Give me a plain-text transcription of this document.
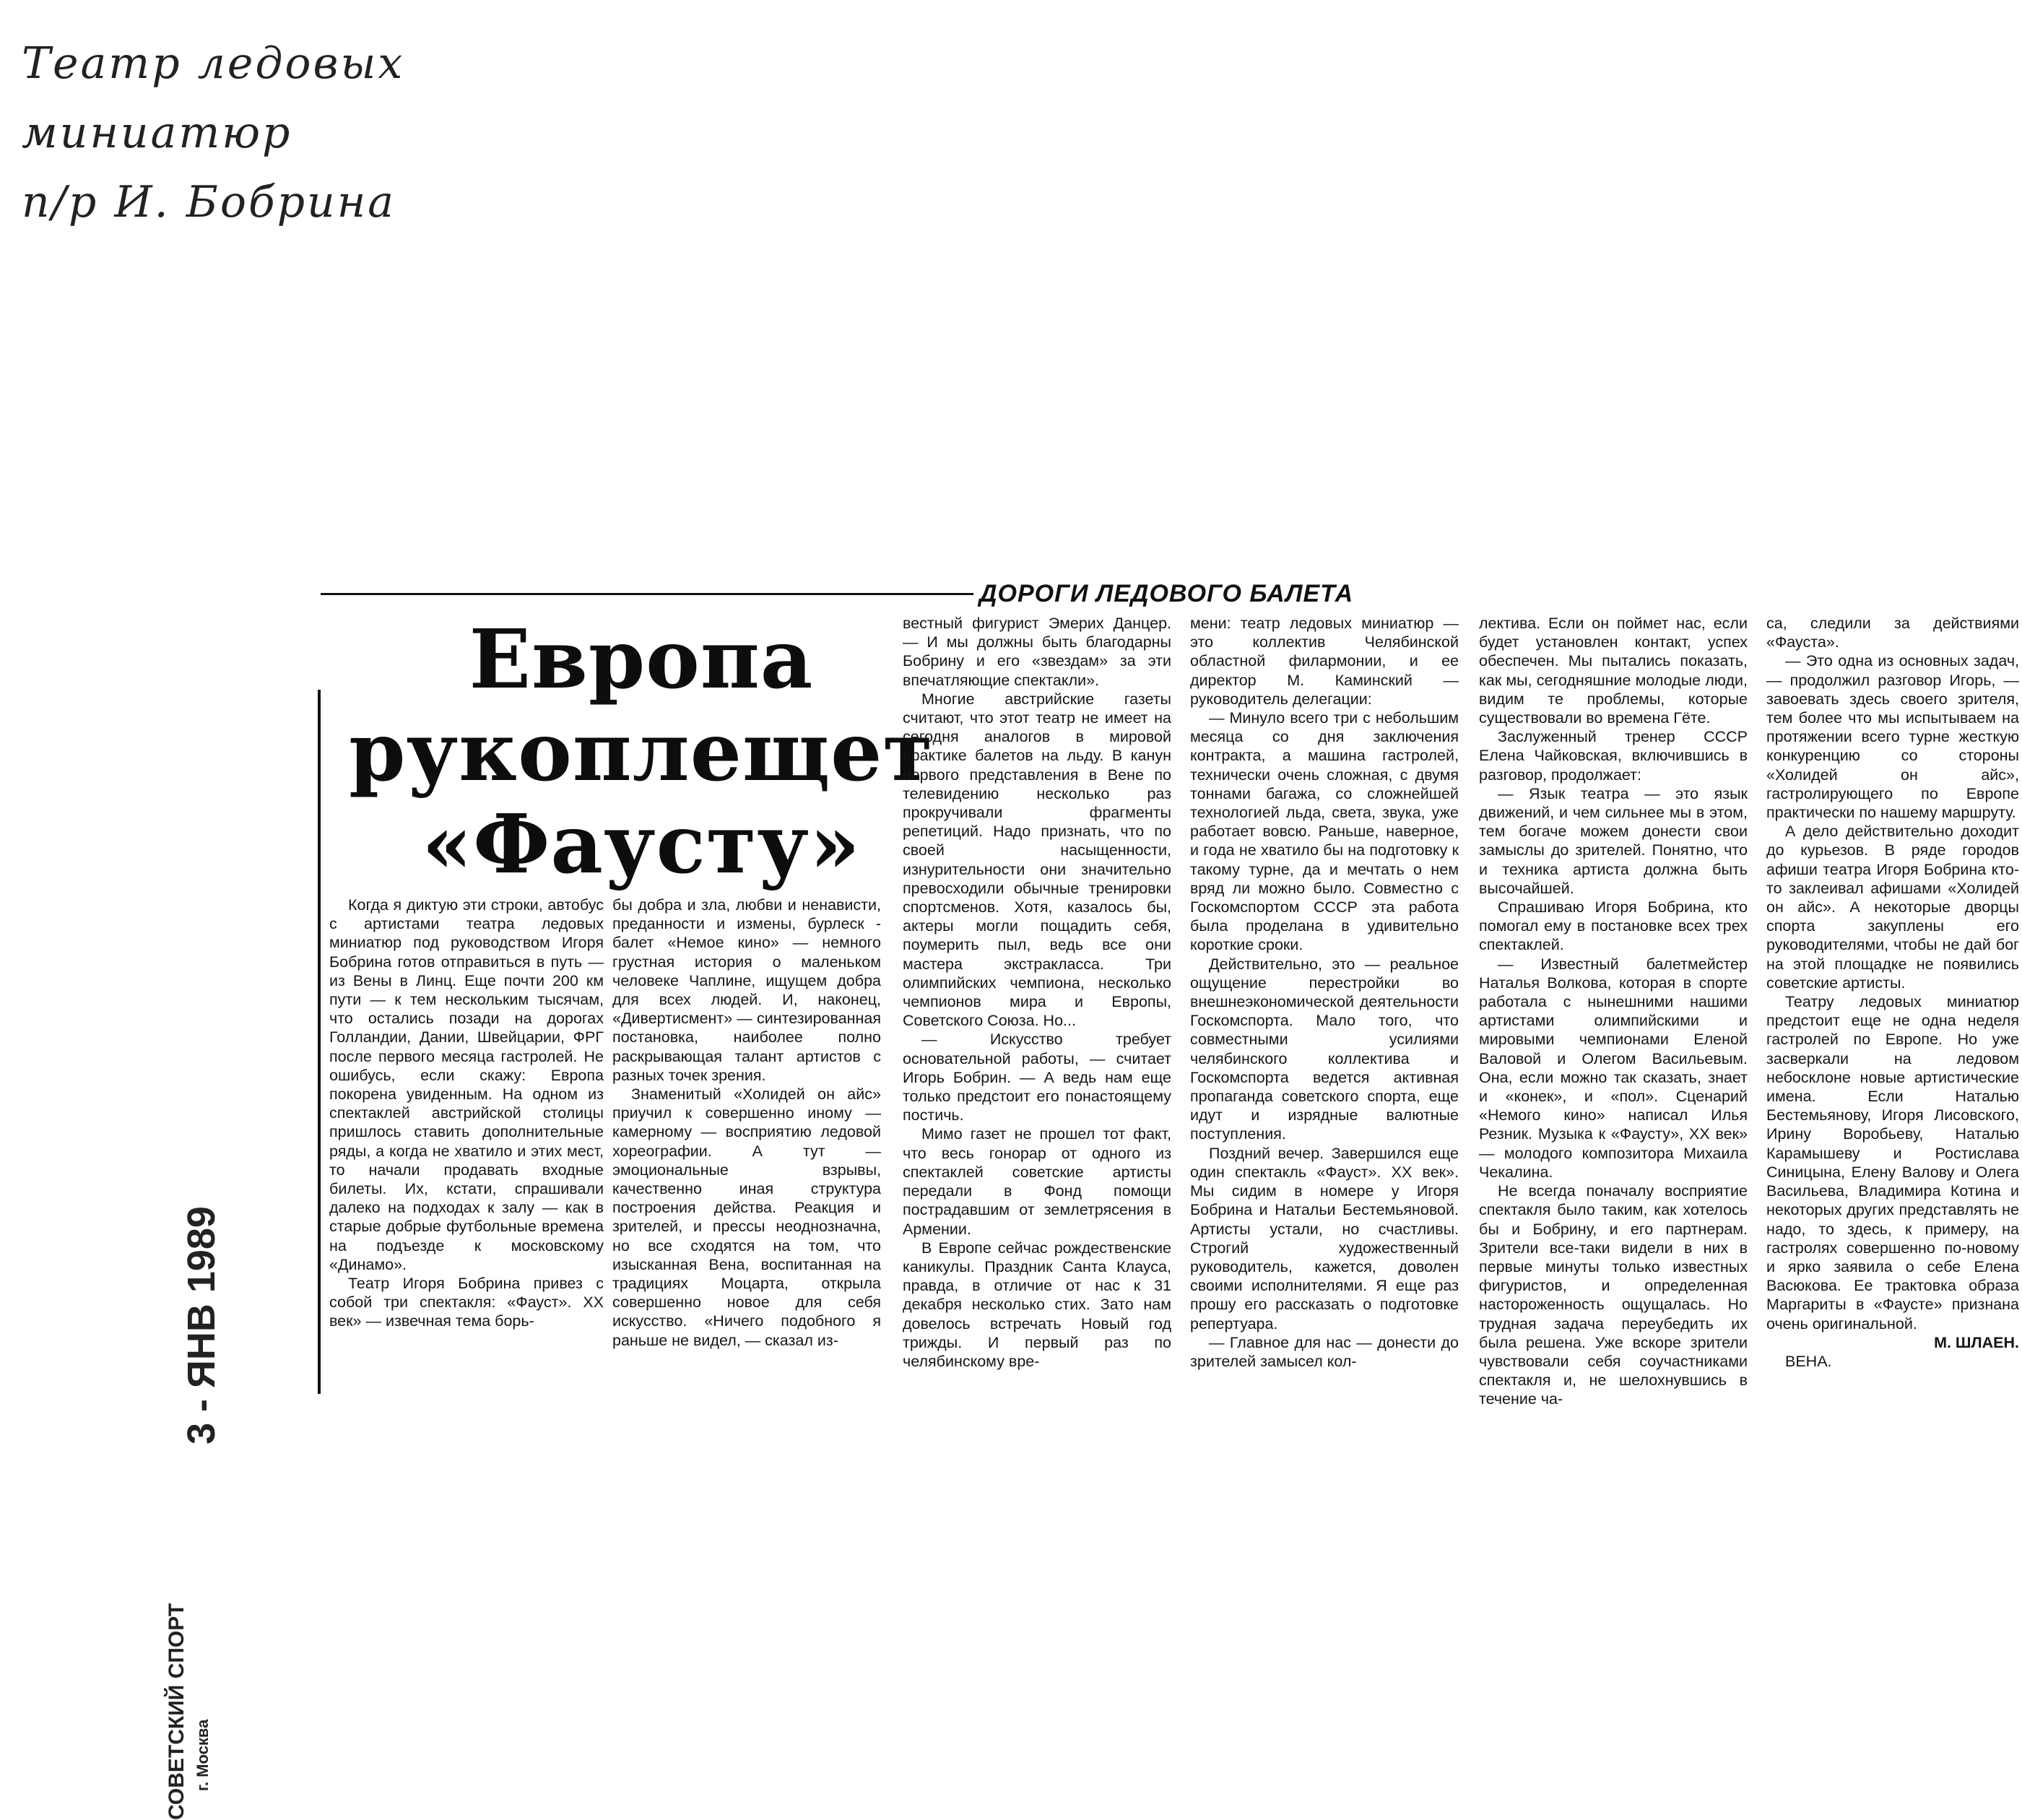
Театр ледовых
миниатюр
п/р И. Бобрина
ДОРОГИ ЛЕДОВОГО БАЛЕТА
3 - ЯНВ 1989
СОВЕТСКИЙ СПОРТ г. Москва
Европа
рукоплещет
«Фаусту»

Когда я диктую эти строки, автобус с артистами театра ледовых миниатюр под руководством Игоря Бобрина готов отправиться в путь — из Вены в Линц. Еще почти 200 км пути — к тем нескольким тысячам, что остались позади на дорогах Голландии, Дании, Швейцарии, ФРГ после первого месяца гастролей. Не ошибусь, если скажу: Европа покорена увиденным. На одном из спектаклей австрийской столицы пришлось ставить дополнительные ряды, а когда не хватило и этих мест, то начали продавать входные билеты. Их, кстати, спрашивали далеко на подходах к залу — как в старые добрые футбольные времена на подъезде к московскому «Динамо».

Театр Игоря Бобрина привез с собой три спектакля: «Фауст». XX век» — извечная тема борь-

бы добра и зла, любви и ненависти, преданности и измены, бурлеск - балет «Немое кино» — немного грустная история о маленьком человеке Чаплине, ищущем добра для всех людей. И, наконец, «Дивертисмент» — синтезированная постановка, наиболее полно раскрывающая талант артистов с разных точек зрения.

Знаменитый «Холидей он айс» приучил к совершенно иному — камерному — восприятию ледовой хореографии. А тут — эмоциональные взрывы, качественно иная структура построения действа. Реакция и зрителей, и прессы неоднозначна, но все сходятся на том, что изысканная Вена, воспитанная на традициях Моцарта, открыла совершенно новое для себя искусство. «Ничего подобного я раньше не видел, — сказал из-

вестный фигурист Эмерих Данцер. — И мы должны быть благодарны Бобрину и его «звездам» за эти впечатляющие спектакли».

Многие австрийские газеты считают, что этот театр не имеет на сегодня аналогов в мировой практике балетов на льду. В канун первого представления в Вене по телевидению несколько раз прокручивали фрагменты репетиций. Надо признать, что по своей насыщенности, изнурительности они значительно превосходили обычные тренировки спортсменов. Хотя, казалось бы, актеры могли пощадить себя, поумерить пыл, ведь все они мастера экстракласса. Три олимпийских чемпиона, несколько чемпионов мира и Европы, Советского Союза. Но...

— Искусство требует основательной работы, — считает Игорь Бобрин. — А ведь нам еще только предстоит его понастоящему постичь.

Мимо газет не прошел тот факт, что весь гонорар от одного из спектаклей советские артисты передали в Фонд помощи пострадавшим от землетрясения в Армении.

В Европе сейчас рождественские каникулы. Праздник Санта Клауса, правда, в отличие от нас к 31 декабря несколько стих. Зато нам довелось встречать Новый год трижды. И первый раз по челябинскому вре-

мени: театр ледовых миниатюр — это коллектив Челябинской областной филармонии, и ее директор М. Каминский — руководитель делегации:

— Минуло всего три с небольшим месяца со дня заключения контракта, а машина гастролей, технически очень сложная, с двумя тоннами багажа, со сложнейшей технологией льда, света, звука, уже работает вовсю. Раньше, наверное, и года не хватило бы на подготовку к такому турне, да и мечтать о нем вряд ли можно было. Совместно с Госкомспортом СССР эта работа была проделана в удивительно короткие сроки.

Действительно, это — реальное ощущение перестройки во внешнеэкономической деятельности Госкомспорта. Мало того, что совместными усилиями челябинского коллектива и Госкомспорта ведется активная пропаганда советского спорта, еще идут и изрядные валютные поступления.

Поздний вечер. Завершился еще один спектакль «Фауст». XX век». Мы сидим в номере у Игоря Бобрина и Натальи Бестемьяновой. Артисты устали, но счастливы. Строгий художественный руководитель, кажется, доволен своими исполнителями. Я еще раз прошу его рассказать о подготовке репертуара.

— Главное для нас — донести до зрителей замысел кол-

лектива. Если он поймет нас, если будет установлен контакт, успех обеспечен. Мы пытались показать, как мы, сегодняшние молодые люди, видим те проблемы, которые существовали во времена Гёте.

Заслуженный тренер СССР Елена Чайковская, включившись в разговор, продолжает:

— Язык театра — это язык движений, и чем сильнее мы в этом, тем богаче можем донести свои замыслы до зрителей. Понятно, что и техника артиста должна быть высочайшей.

Спрашиваю Игоря Бобрина, кто помогал ему в постановке всех трех спектаклей.

— Известный балетмейстер Наталья Волкова, которая в спорте работала с нынешними нашими артистами олимпийскими и мировыми чемпионами Еленой Валовой и Олегом Васильевым. Она, если можно так сказать, знает и «конек», и «пол». Сценарий «Немого кино» написал Илья Резник. Музыка к «Фаусту», XX век» — молодого композитора Михаила Чекалина.

Не всегда поначалу восприятие спектакля было таким, как хотелось бы и Бобрину, и его партнерам. Зрители все-таки видели в них в первые минуты только известных фигуристов, и определенная настороженность ощущалась. Но трудная задача переубедить их была решена. Уже вскоре зрители чувствовали себя соучастниками спектакля и, не шелохнувшись в течение ча-

са, следили за действиями «Фауста».

— Это одна из основных задач, — продолжил разговор Игорь, — завоевать здесь своего зрителя, тем более что мы испытываем на протяжении всего турне жесткую конкуренцию со стороны «Холидей он айс», гастролирующего по Европе практически по нашему маршруту.

А дело действительно доходит до курьезов. В ряде городов афиши театра Игоря Бобрина кто-то заклеивал афишами «Холидей он айс». А некоторые дворцы спорта закуплены его руководителями, чтобы не дай бог на этой площадке не появились советские артисты.

Театру ледовых миниатюр предстоит еще не одна неделя гастролей по Европе. Но уже засверкали на ледовом небосклоне новые артистические имена. Если Наталью Бестемьянову, Игоря Лисовского, Ирину Воробьеву, Наталью Карамышеву и Ростислава Синицына, Елену Валову и Олега Васильева, Владимира Котина и некоторых других представлять не надо, то здесь, к примеру, на гастролях совершенно по-новому и ярко заявила о себе Елена Васюкова. Ее трактовка образа Маргариты в «Фаусте» признана очень оригинальной.

М. ШЛАЕН.

ВЕНА.
